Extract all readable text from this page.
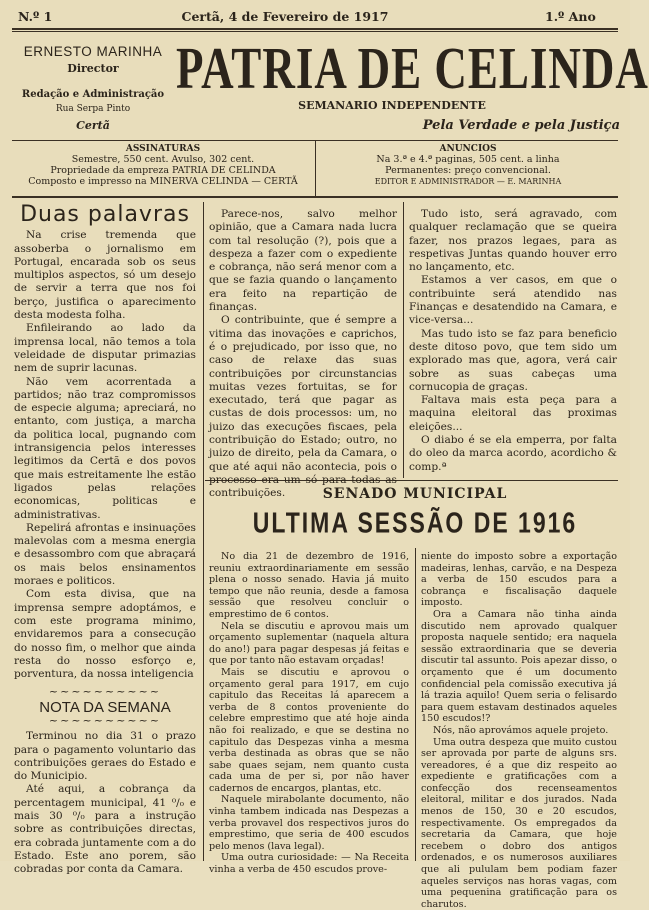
N.º 1	Certã, 4 de Fevereiro de 1917	1.º Ano
ERNESTO MARINHA
Director
Redação e Administração
Rua Serpa Pinto
Certã
PATRIA DE CELINDA
SEMANARIO INDEPENDENTE
Pela Verdade e pela Justiça
ASSINATURAS
Semestre, 550 cent. Avulso, 302 cent.
Propriedade da empreza PATRIA DE CELINDA
Composto e impresso na MINERVA CELINDA — CERTÃ
ANUNCIOS
Na 3.ª e 4.ª paginas, 505 cent. a linha
Permanentes: preço convencional.
EDITOR E ADMINISTRADOR — E. MARINHA
Duas palavras

Na crise tremenda que assoberba o jornalismo em Portugal, encarada sob os seus multiplos aspectos, só um desejo de servir a terra que nos foi berço, justifica o aparecimento desta modesta folha.

Enfileirando ao lado da imprensa local, não temos a tola veleidade de disputar primazias nem de suprir lacunas.

Não vem acorrentada a partidos; não traz compromissos de especie alguma; apreciará, no entanto, com justiça, a marcha da politica local, pugnando com intransigencia pelos interesses legitimos da Certã e dos povos que mais estreitamente lhe estão ligados pelas relações economicas, politicas e administrativas.

Repelirá afrontas e insinuações malevolas com a mesma energia e desassombro com que abraçará os mais belos ensinamentos moraes e politicos.

Com esta divisa, que na imprensa sempre adoptámos, e com este programa minimo, envidaremos para a consecução do nosso fim, o melhor que ainda resta do nosso esforço e, porventura, da nossa inteligencia

~~~~~~~~~~
NOTA DA SEMANA
~~~~~~~~~~

Terminou no dia 31 o prazo para o pagamento voluntario das contribuições geraes do Estado e do Municipio.

Até aqui, a cobrança da percentagem municipal, 41 ⁰/₀ e mais 30 ⁰/₀ para a instrução sobre as contribuições directas, era cobrada juntamente com a do Estado. Este ano porem, são cobradas por conta da Camara.

Parece-nos, salvo melhor opinião, que a Camara nada lucra com tal resolução (?), pois que a despeza a fazer com o expediente e cobrança, não será menor com a que se fazia quando o lançamento era feito na repartição de finanças.

O contribuinte, que é sempre a vitima das inovações e caprichos, é o prejudicado, por isso que, no caso de relaxe das suas contribuições por circunstancias muitas vezes fortuitas, se for executado, terá que pagar as custas de dois processos: um, no juizo das execuções fiscaes, pela contribuição do Estado; outro, no juizo de direito, pela da Camara, o que até aqui não acontecia, pois o processo era um só para todas as contribuições.

Tudo isto, será agravado, com qualquer reclamação que se queira fazer, nos prazos legaes, para as respetivas Juntas quando houver erro no lançamento, etc.

Estamos a ver casos, em que o contribuinte será atendido nas Finanças e desatendido na Camara, e vice-versa...

Mas tudo isto se faz para beneficio deste ditoso povo, que tem sido um explorado mas que, agora, verá cair sobre as suas cabeças uma cornucopia de graças.

Faltava mais esta peça para a maquina eleitoral das proximas eleições...

O diabo é se ela emperra, por falta do oleo da marca acordo, acordicho & comp.ª

SENADO MUNICIPAL
ULTIMA SESSÃO DE 1916

No dia 21 de dezembro de 1916, reuniu extraordinariamente em sessão plena o nosso senado. Havia já muito tempo que não reunia, desde a famosa sessão que resolveu concluir o emprestimo de 6 contos.

Nela se discutiu e aprovou mais um orçamento suplementar (naquela altura do ano!) para pagar despesas já feitas e que por tanto não estavam orçadas!

Mais se discutiu e aprovou o orçamento geral para 1917, em cujo capitulo das Receitas lá aparecem a verba de 8 contos proveniente do celebre emprestimo que até hoje ainda não foi realizado, e que se destina no capitulo das Despezas vinha a mesma verba destinada as obras que se não sabe quaes sejam, nem quanto custa cada uma de per si, por não haver cadernos de encargos, plantas, etc.

Naquele mirabolante documento, não vinha tambem indicada nas Despezas a verba provavel dos respectivos juros do emprestimo, que seria de 400 escudos pelo menos (lava legal).

Uma outra curiosidade: — Na Receita vinha a verba de 450 escudos prove-

niente do imposto sobre a exportação madeiras, lenhas, carvão, e na Despeza a verba de 150 escudos para a cobrança e fiscalisação daquele imposto.

Ora a Camara não tinha ainda discutido nem aprovado qualquer proposta naquele sentido; era naquela sessão extraordinaria que se deveria discutir tal assunto. Pois apezar disso, o orçamento que é um documento confidencial pela comissão executiva já lá trazia aquilo! Quem seria o felisardo para quem estavam destinados aqueles 150 escudos!?

Nós, não aprovámos aquele projeto.

Uma outra despeza que muito custou ser aprovada por parte de alguns srs. vereadores, é a que diz respeito ao expediente e gratificações com a confecção dos recenseamentos eleitoral, militar e dos jurados. Nada menos de 150, 30 e 20 escudos, respectivamente. Os empregados da secretaria da Camara, que hoje recebem o dobro dos antigos ordenados, e os numerosos auxiliares que ali pululam bem podiam fazer aqueles serviços nas horas vagas, com uma pequenina gratificação para os charutos.
